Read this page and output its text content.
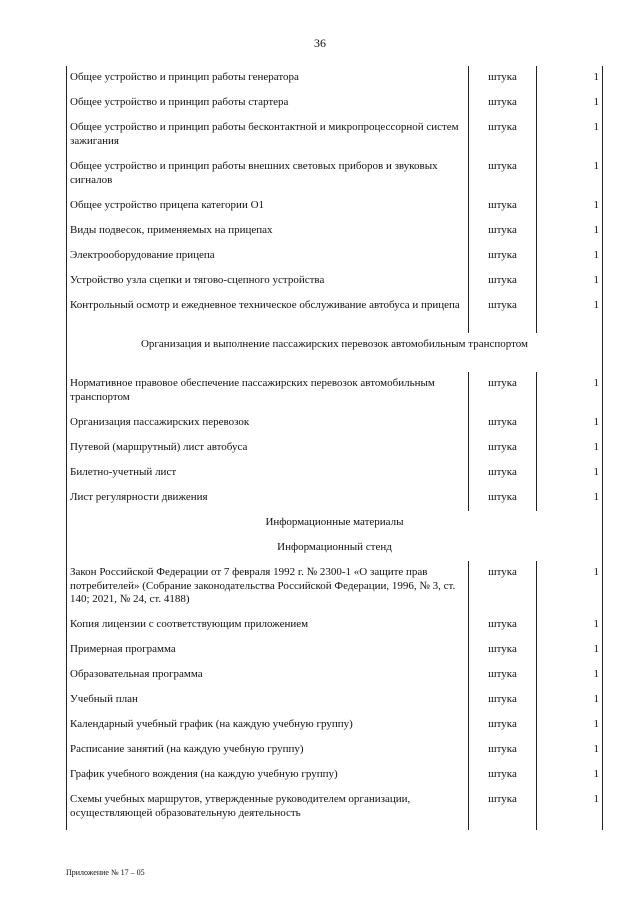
36
Общее устройство и принцип работы генератора	штука	1
Общее устройство и принцип работы стартера	штука	1
Общее устройство и принцип работы бесконтактной и микропроцессорной систем зажигания	штука	1
Общее устройство и принцип работы внешних световых приборов и звуковых сигналов	штука	1
Общее устройство прицепа категории O1	штука	1
Виды подвесок, применяемых на прицепах	штука	1
Электрооборудование прицепа	штука	1
Устройство узла сцепки и тягово-сцепного устройства	штука	1
Контрольный осмотр и ежедневное техническое обслуживание автобуса и прицепа	штука	1
Организация и выполнение пассажирских перевозок автомобильным транспортом		
Нормативное правовое обеспечение пассажирских перевозок автомобильным транспортом	штука	1
Организация пассажирских перевозок	штука	1
Путевой (маршрутный) лист автобуса	штука	1
Билетно-учетный лист	штука	1
Лист регулярности движения	штука	1
Информационные материалы		
Информационный стенд		
Закон Российской Федерации от 7 февраля 1992 г. № 2300-1 «О защите прав потребителей» (Собрание законодательства Российской Федерации, 1996, № 3, ст. 140; 2021, № 24, ст. 4188)	штука	1
Копия лицензии с соответствующим приложением	штука	1
Примерная программа	штука	1
Образовательная программа	штука	1
Учебный план	штука	1
Календарный учебный график (на каждую учебную группу)	штука	1
Расписание занятий (на каждую учебную группу)	штука	1
График учебного вождения (на каждую учебную группу)	штука	1
Схемы учебных маршрутов, утвержденные руководителем организации, осуществляющей образовательную деятельность	штука	1
Приложение № 17 – 05
